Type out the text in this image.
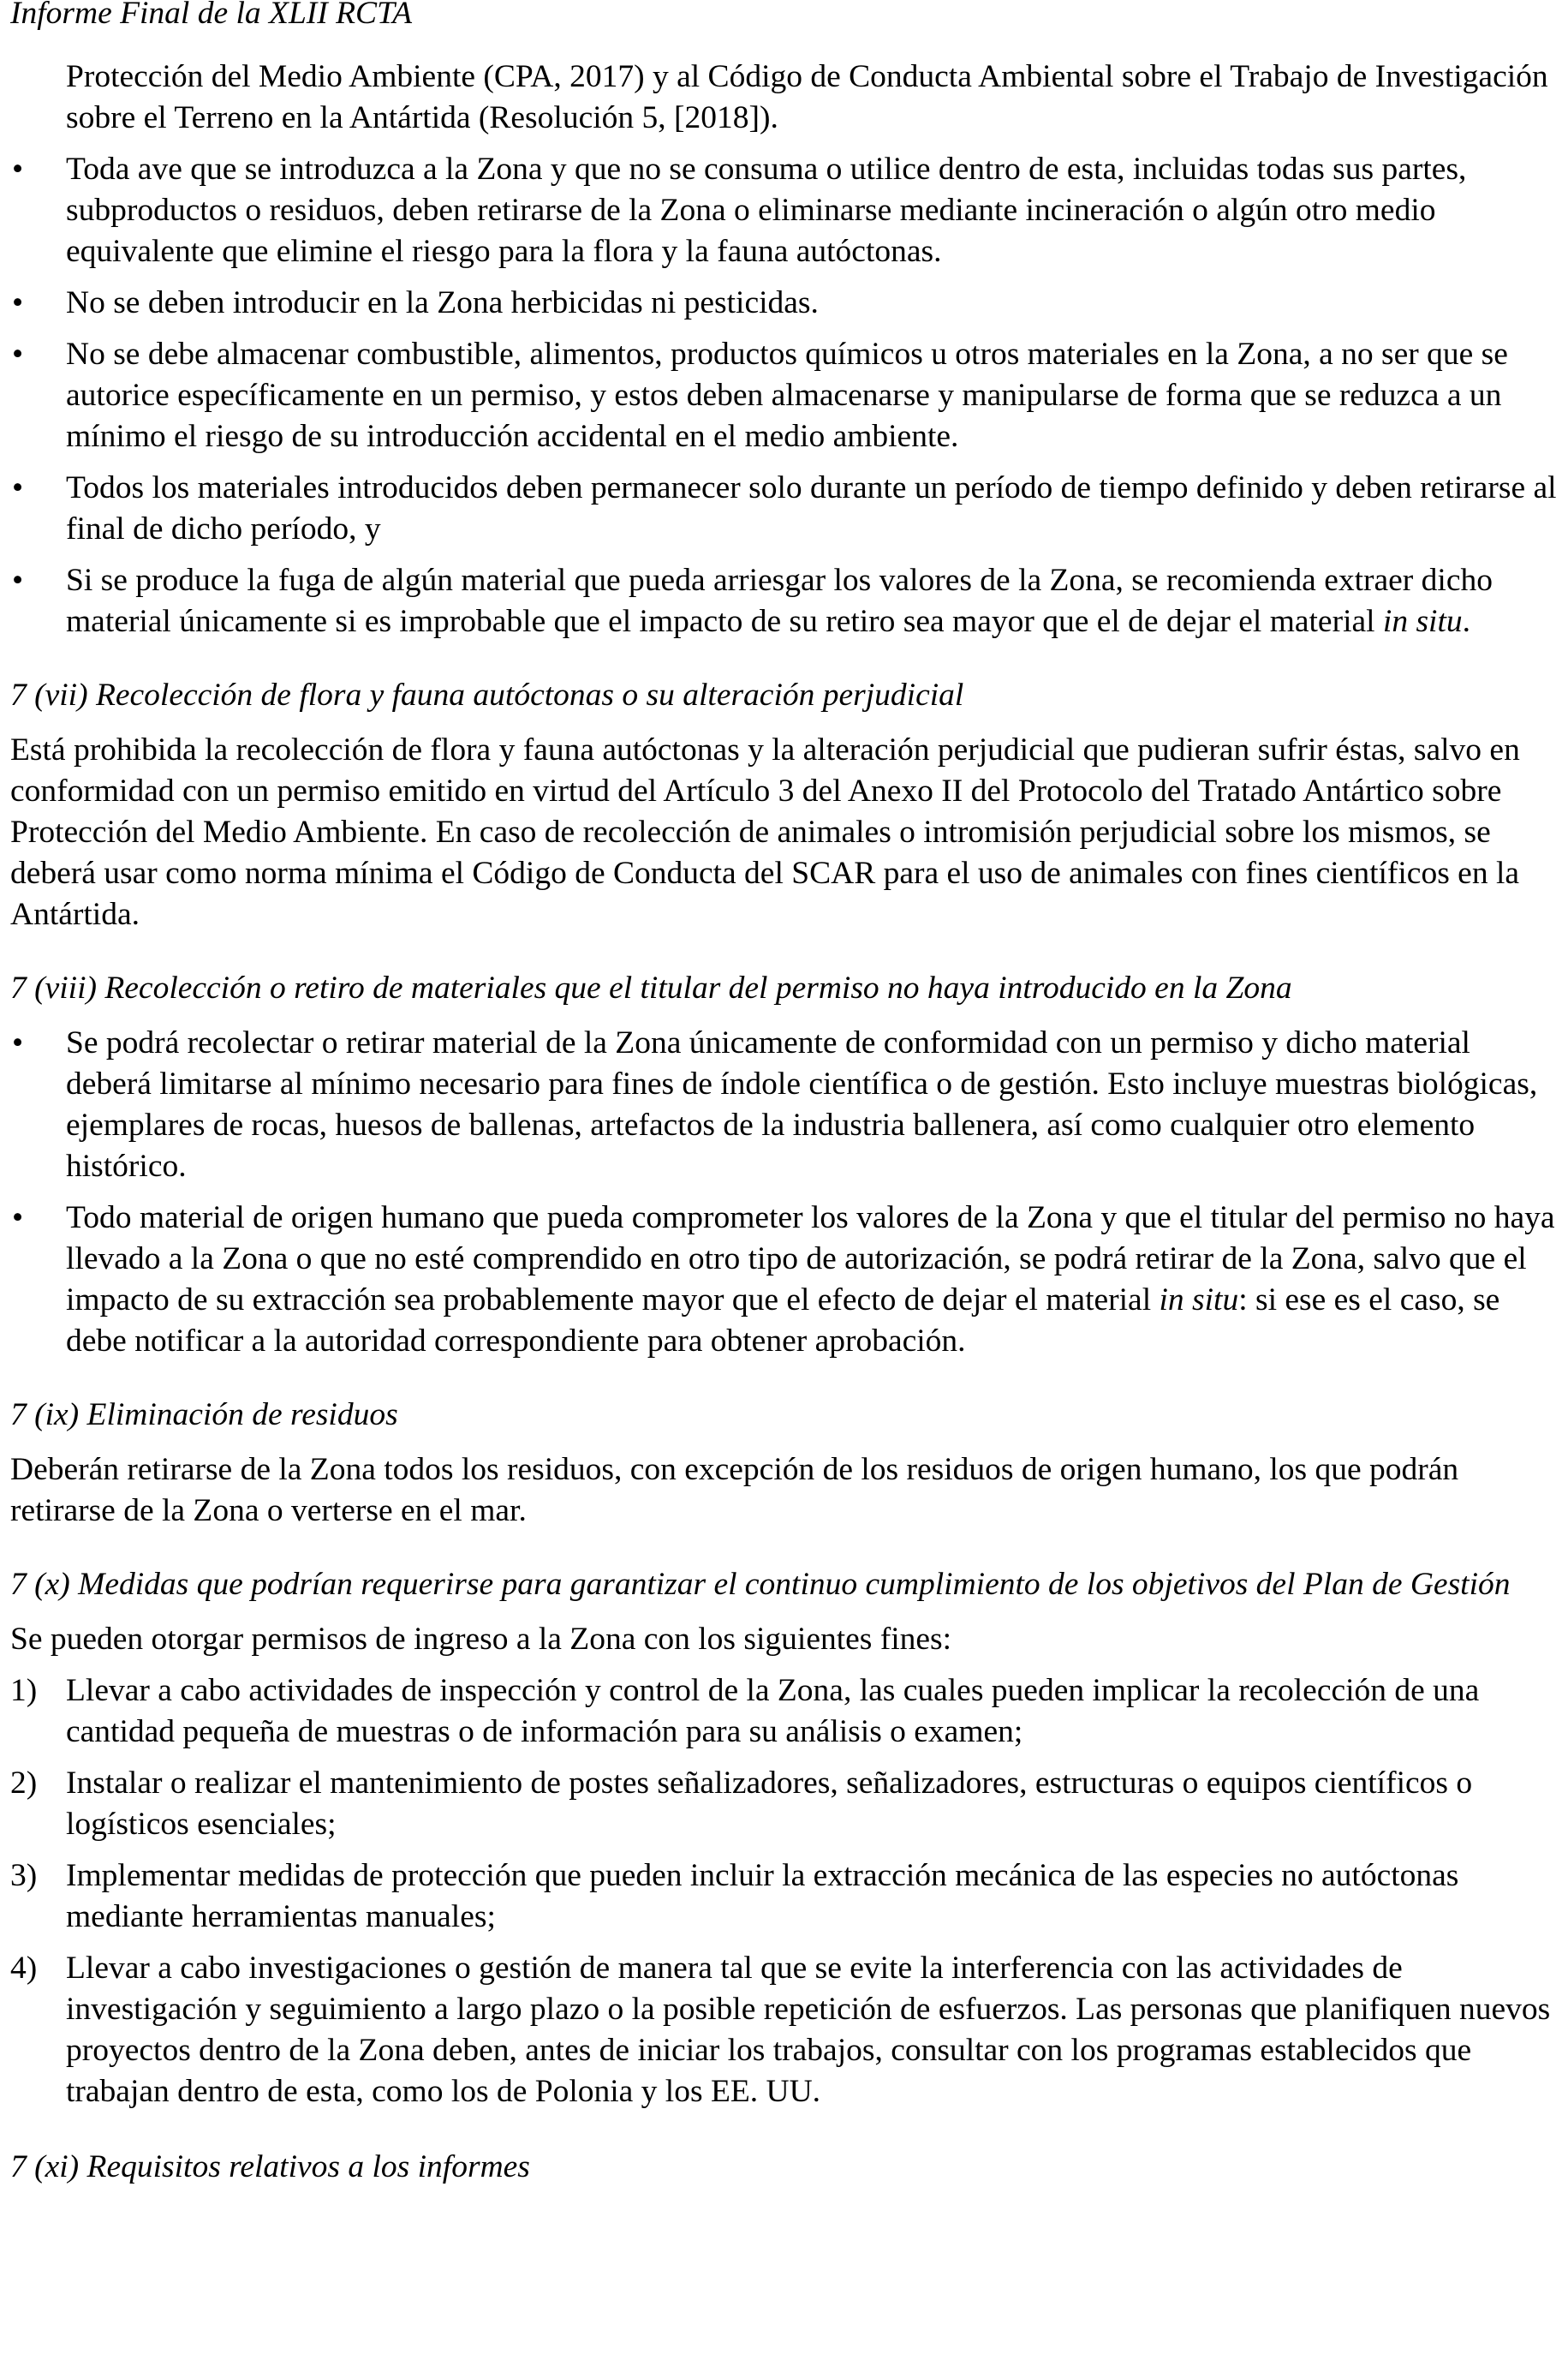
Informe Final de la XLII RCTA

Protección del Medio Ambiente (CPA, 2017) y al Código de Conducta Ambiental sobre el Trabajo de Investigación sobre el Terreno en la Antártida (Resolución 5, [2018]).

• Toda ave que se introduzca a la Zona y que no se consuma o utilice dentro de esta, incluidas todas sus partes, subproductos o residuos, deben retirarse de la Zona o eliminarse mediante incineración o algún otro medio equivalente que elimine el riesgo para la flora y la fauna autóctonas.
• No se deben introducir en la Zona herbicidas ni pesticidas.
• No se debe almacenar combustible, alimentos, productos químicos u otros materiales en la Zona, a no ser que se autorice específicamente en un permiso, y estos deben almacenarse y manipularse de forma que se reduzca a un mínimo el riesgo de su introducción accidental en el medio ambiente.
• Todos los materiales introducidos deben permanecer solo durante un período de tiempo definido y deben retirarse al final de dicho período, y
• Si se produce la fuga de algún material que pueda arriesgar los valores de la Zona, se recomienda extraer dicho material únicamente si es improbable que el impacto de su retiro sea mayor que el de dejar el material in situ.
7 (vii) Recolección de flora y fauna autóctonas o su alteración perjudicial

Está prohibida la recolección de flora y fauna autóctonas y la alteración perjudicial que pudieran sufrir éstas, salvo en conformidad con un permiso emitido en virtud del Artículo 3 del Anexo II del Protocolo del Tratado Antártico sobre Protección del Medio Ambiente. En caso de recolección de animales o intromisión perjudicial sobre los mismos, se deberá usar como norma mínima el Código de Conducta del SCAR para el uso de animales con fines científicos en la Antártida.

7 (viii) Recolección o retiro de materiales que el titular del permiso no haya introducido en la Zona
• Se podrá recolectar o retirar material de la Zona únicamente de conformidad con un permiso y dicho material deberá limitarse al mínimo necesario para fines de índole científica o de gestión. Esto incluye muestras biológicas, ejemplares de rocas, huesos de ballenas, artefactos de la industria ballenera, así como cualquier otro elemento histórico.
• Todo material de origen humano que pueda comprometer los valores de la Zona y que el titular del permiso no haya llevado a la Zona o que no esté comprendido en otro tipo de autorización, se podrá retirar de la Zona, salvo que el impacto de su extracción sea probablemente mayor que el efecto de dejar el material in situ: si ese es el caso, se debe notificar a la autoridad correspondiente para obtener aprobación.
7 (ix) Eliminación de residuos

Deberán retirarse de la Zona todos los residuos, con excepción de los residuos de origen humano, los que podrán retirarse de la Zona o verterse en el mar.

7 (x) Medidas que podrían requerirse para garantizar el continuo cumplimiento de los objetivos del Plan de Gestión

Se pueden otorgar permisos de ingreso a la Zona con los siguientes fines:

1) Llevar a cabo actividades de inspección y control de la Zona, las cuales pueden implicar la recolección de una cantidad pequeña de muestras o de información para su análisis o examen;
2) Instalar o realizar el mantenimiento de postes señalizadores, señalizadores, estructuras o equipos científicos o logísticos esenciales;
3) Implementar medidas de protección que pueden incluir la extracción mecánica de las especies no autóctonas mediante herramientas manuales;
4) Llevar a cabo investigaciones o gestión de manera tal que se evite la interferencia con las actividades de investigación y seguimiento a largo plazo o la posible repetición de esfuerzos. Las personas que planifiquen nuevos proyectos dentro de la Zona deben, antes de iniciar los trabajos, consultar con los programas establecidos que trabajan dentro de esta, como los de Polonia y los EE. UU.
7 (xi) Requisitos relativos a los informes
